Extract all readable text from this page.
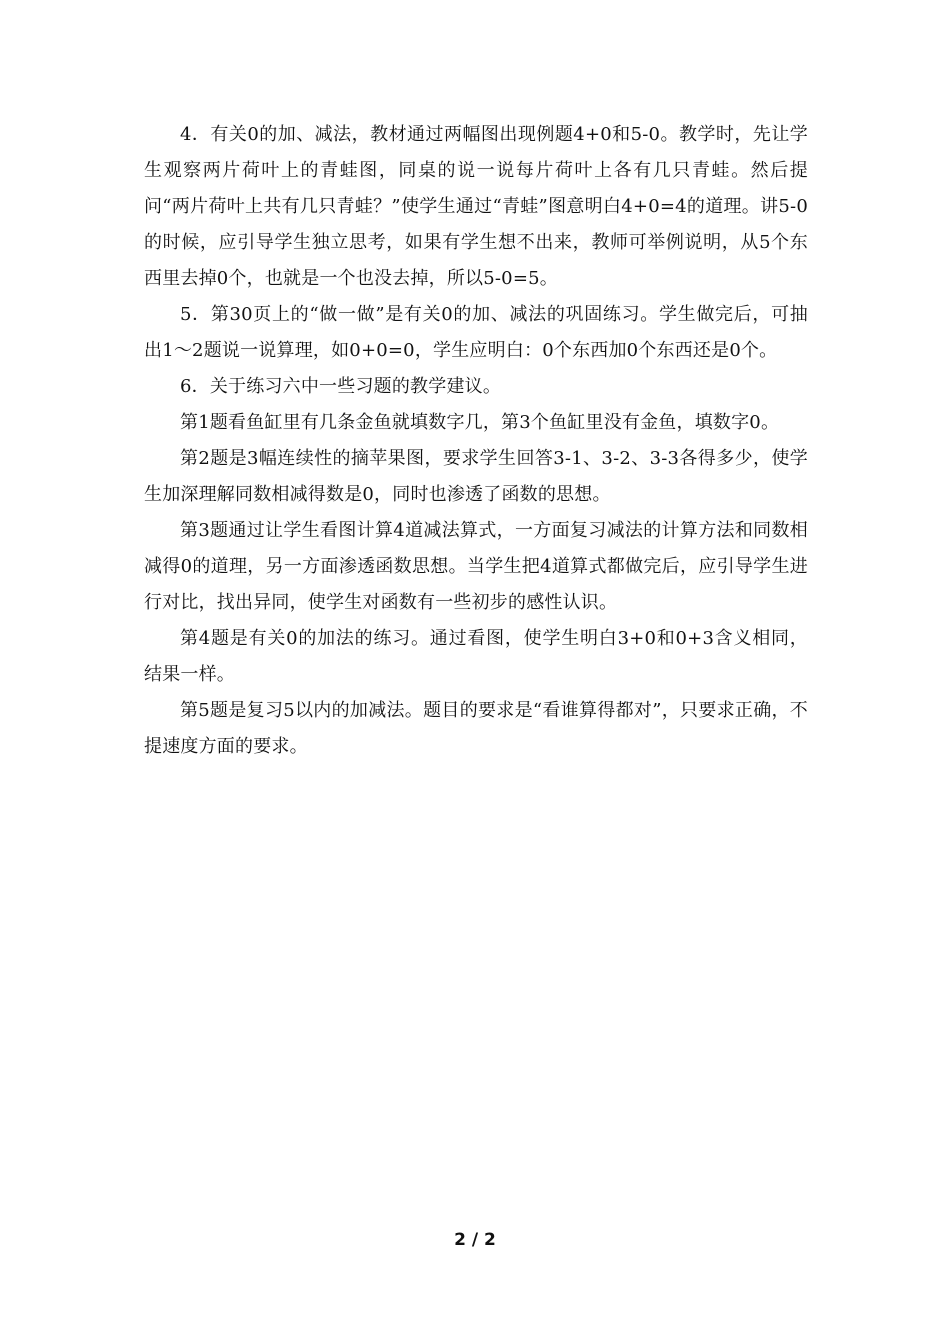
4．有关0的加、减法，教材通过两幅图出现例题4+0和5-0。教学时，先让学生观察两片荷叶上的青蛙图，同桌的说一说每片荷叶上各有几只青蛙。然后提问“两片荷叶上共有几只青蛙？”使学生通过“青蛙”图意明白4+0=4的道理。讲5-0的时候，应引导学生独立思考，如果有学生想不出来，教师可举例说明，从5个东西里去掉0个，也就是一个也没去掉，所以5-0=5。

5．第30页上的“做一做”是有关0的加、减法的巩固练习。学生做完后，可抽出1～2题说一说算理，如0+0=0，学生应明白：0个东西加0个东西还是0个。

6．关于练习六中一些习题的教学建议。

第1题看鱼缸里有几条金鱼就填数字几，第3个鱼缸里没有金鱼，填数字0。

第2题是3幅连续性的摘苹果图，要求学生回答3-1、3-2、3-3各得多少，使学生加深理解同数相减得数是0，同时也渗透了函数的思想。

第3题通过让学生看图计算4道减法算式，一方面复习减法的计算方法和同数相减得0的道理，另一方面渗透函数思想。当学生把4道算式都做完后，应引导学生进行对比，找出异同，使学生对函数有一些初步的感性认识。

第4题是有关0的加法的练习。通过看图，使学生明白3+0和0+3含义相同，结果一样。

第5题是复习5以内的加减法。题目的要求是“看谁算得都对”，只要求正确，不提速度方面的要求。

2 / 2
